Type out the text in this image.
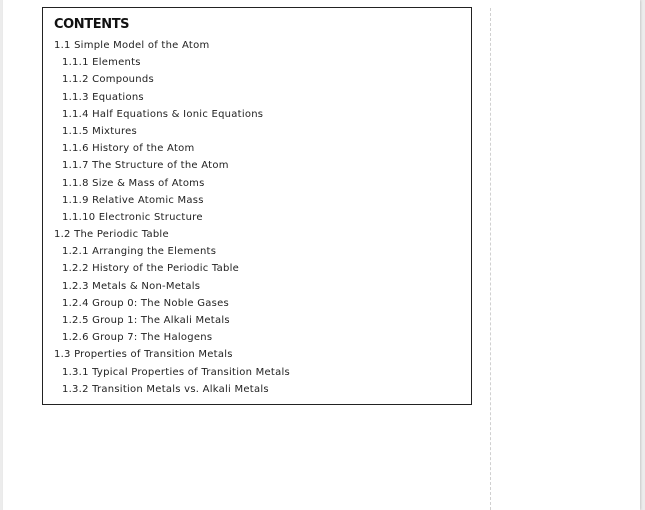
CONTENTS
1.1 Simple Model of the Atom
1.1.1 Elements
1.1.2 Compounds
1.1.3 Equations
1.1.4 Half Equations & Ionic Equations
1.1.5 Mixtures
1.1.6 History of the Atom
1.1.7 The Structure of the Atom
1.1.8 Size & Mass of Atoms
1.1.9 Relative Atomic Mass
1.1.10 Electronic Structure
1.2 The Periodic Table
1.2.1 Arranging the Elements
1.2.2 History of the Periodic Table
1.2.3 Metals & Non-Metals
1.2.4 Group 0: The Noble Gases
1.2.5 Group 1: The Alkali Metals
1.2.6 Group 7: The Halogens
1.3 Properties of Transition Metals
1.3.1 Typical Properties of Transition Metals
1.3.2 Transition Metals vs. Alkali Metals
